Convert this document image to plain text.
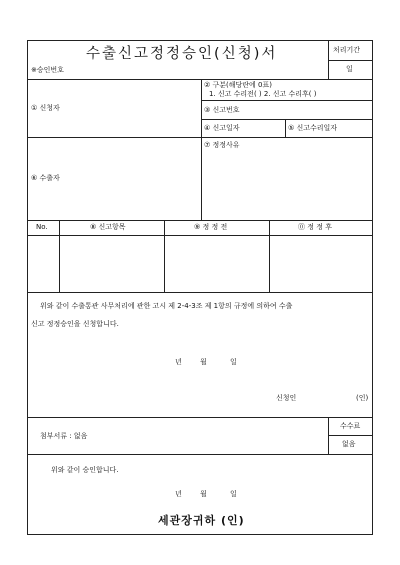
수출신고정정승인(신청)서
※승인번호
처리기간
일
① 신청자
② 구분(해당란에 0표)
1. 신고 수리전( ) 2. 신고 수리후( )
③ 신고번호
④ 신고일자	⑤ 신고수리일자
⑥ 수출자
⑦ 정정사유
No.	⑧ 신고항목	⑨ 정 정 전	⓪ 정 정 후
위와 같이 수출통관 사무처리에 관한 고시 제 2-4-3조 제 1항의 규정에 의하여 수출
신고 정정승인을 신청합니다.
년	월	일
신청인	(인)
첨부서류 : 없음
수수료
없음
위와 같이 승인합니다.
년	월	일
세관장귀하 (인)
